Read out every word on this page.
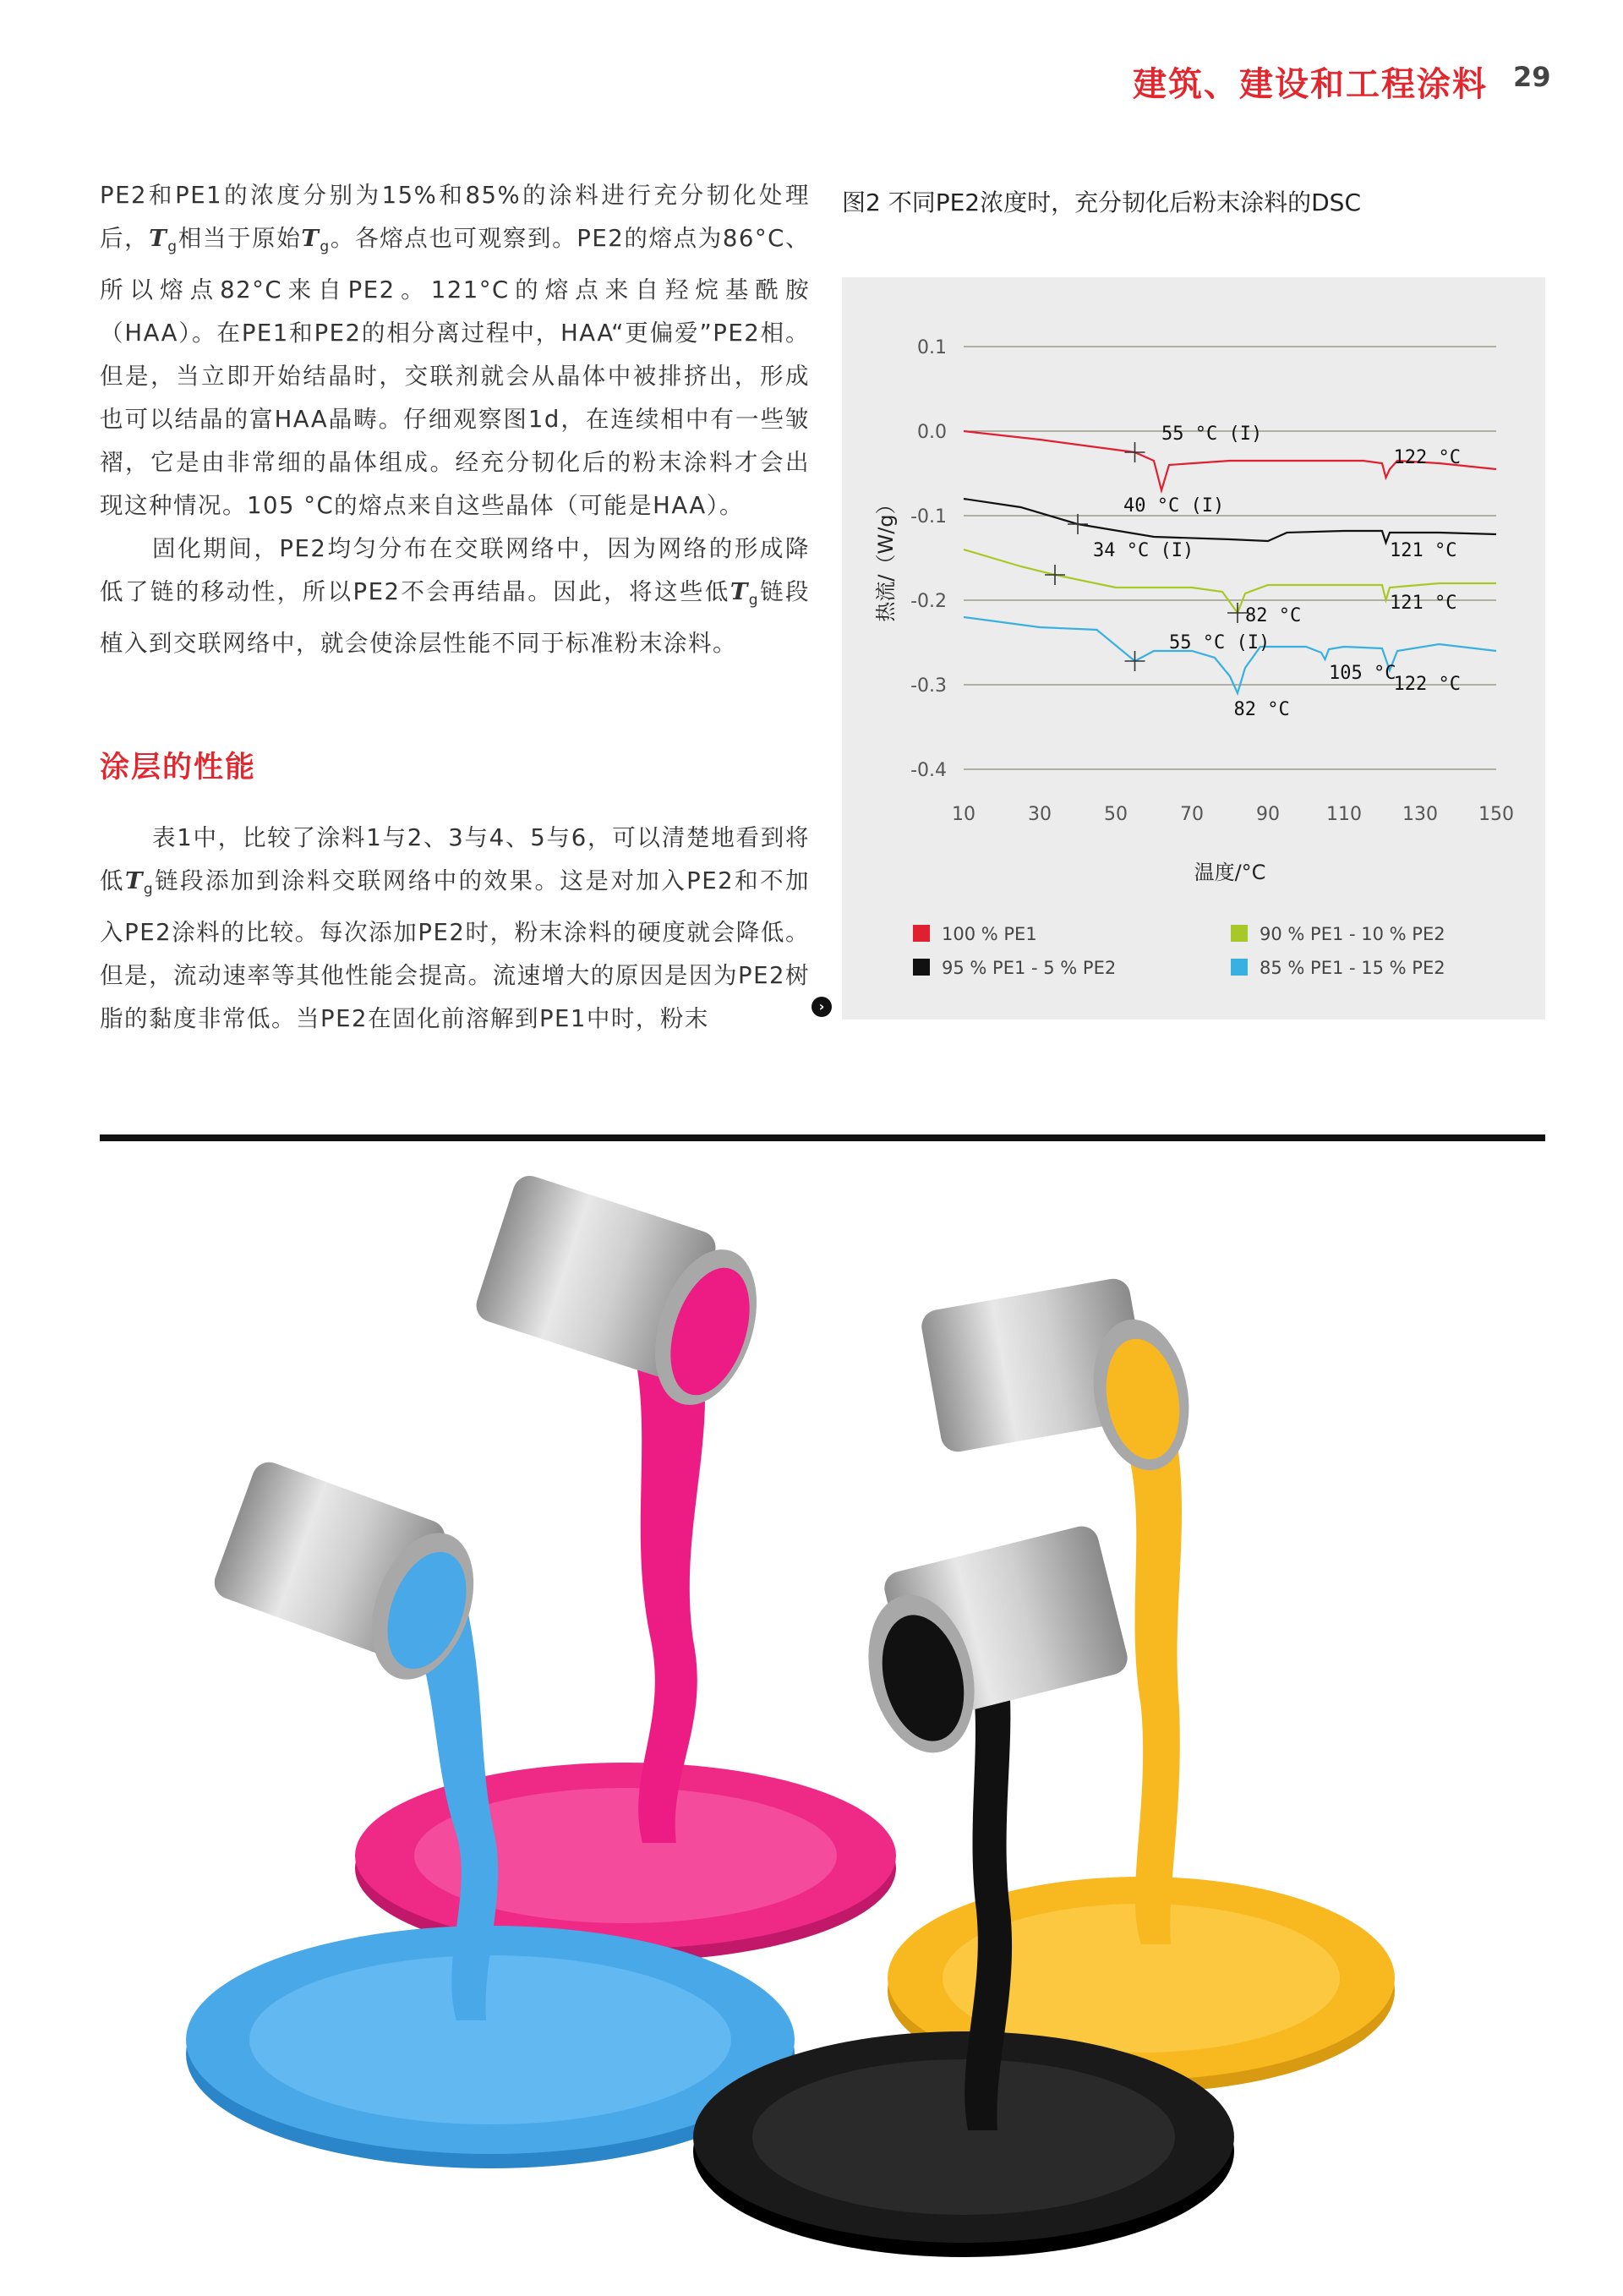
建筑、建设和工程涂料 29

PE2和PE1的浓度分别为15%和85%的涂料进行充分韧化处理后，$T_g$相当于原始$T_g$。各熔点也可观察到。PE2的熔点为86°C、所以熔点82°C来自PE2。121°C的熔点来自羟烷基酰胺（HAA）。在PE1和PE2的相分离过程中，HAA“更偏爱”PE2相。但是，当立即开始结晶时，交联剂就会从晶体中被排挤出，形成也可以结晶的富HAA晶畴。仔细观察图1d，在连续相中有一些皱褶，它是由非常细的晶体组成。经充分韧化后的粉末涂料才会出现这种情况。105 °C的熔点来自这些晶体（可能是HAA）。

固化期间，PE2均匀分布在交联网络中，因为网络的形成降低了链的移动性，所以PE2不会再结晶。因此，将这些低$T_g$链段植入到交联网络中，就会使涂层性能不同于标准粉末涂料。

涂层的性能

表1中，比较了涂料1与2、3与4、5与6，可以清楚地看到将低$T_g$链段添加到涂料交联网络中的效果。这是对加入PE2和不加入PE2涂料的比较。每次添加PE2时，粉末涂料的硬度就会降低。但是，流动速率等其他性能会提高。流速增大的原因是因为PE2树脂的黏度非常低。当PE2在固化前溶解到PE1中时，粉末	›
图2 不同PE2浓度时，充分韧化后粉末涂料的DSC
0.1
0.0
-0.1
-0.2
-0.3
-0.4
10	30	50	70	90	110 130 150
温度/°C
热流/（W/g）
55 °C (I)
122 °C
40 °C (I)
121 °C
34 °C (I)
82 °C
121 °C
55 °C (I)
105 °C
122 °C
82 °C
100 % PE1
95 % PE1 - 5 % PE2
90 % PE1 - 10 % PE2
85 % PE1 - 15 % PE2
